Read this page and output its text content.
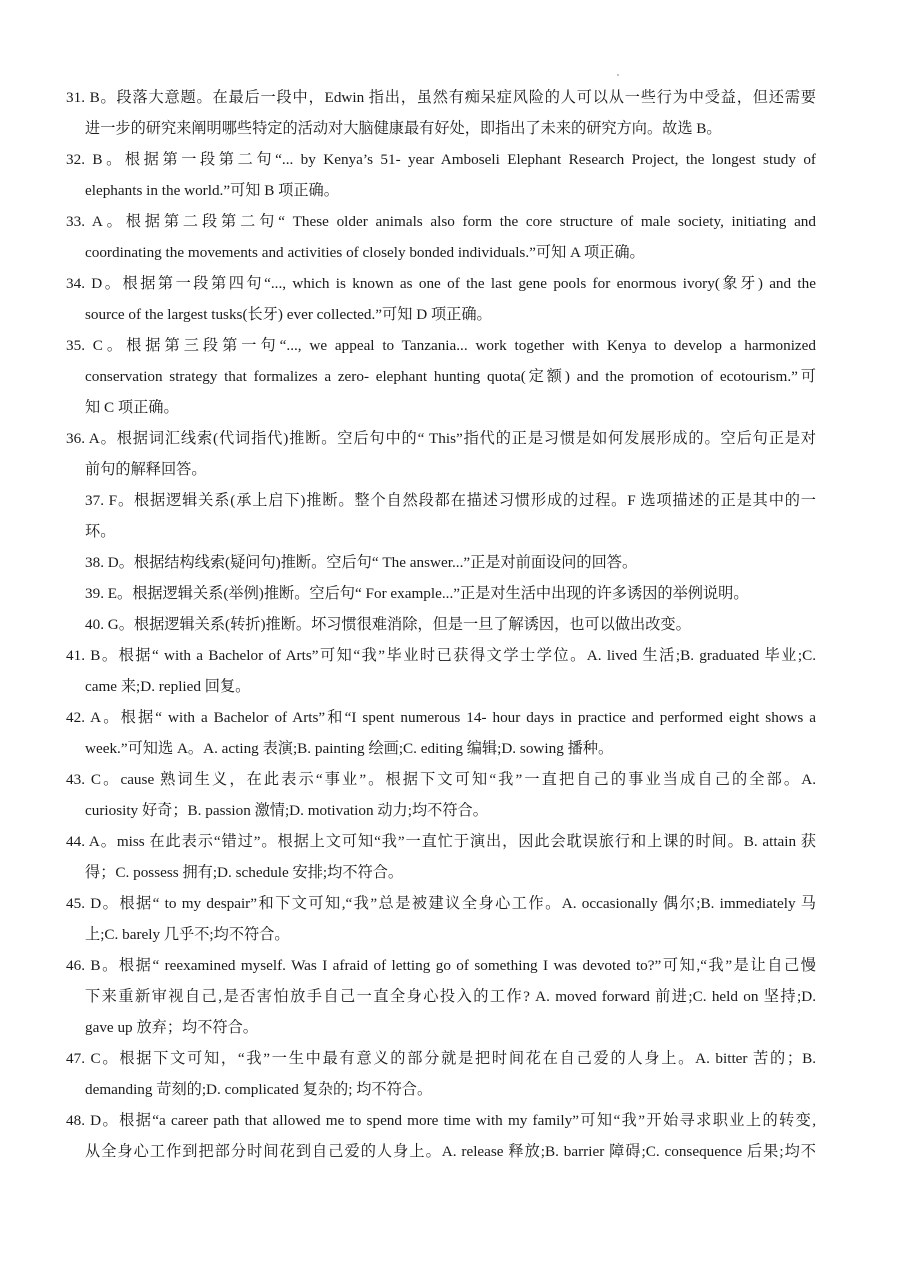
31. B。段落大意题。在最后一段中，Edwin 指出，虽然有痴呆症风险的人可以从一些行为中受益，但还需要
进一步的研究来阐明哪些特定的活动对大脑健康最有好处，即指出了未来的研究方向。故选 B。
32. B。根据第一段第二句“... by Kenya’s 51- year Amboseli Elephant Research Project, the longest study of
elephants in the world.”可知 B 项正确。
33. A。根据第二段第二句“ These older animals also form the core structure of male society, initiating and
coordinating the movements and activities of closely bonded individuals.”可知 A 项正确。
34. D。根据第一段第四句“..., which is known as one of the last gene pools for enormous ivory(象牙) and the
source of the largest tusks(长牙) ever collected.”可知 D 项正确。
35. C。根据第三段第一句“..., we appeal to Tanzania... work together with Kenya to develop a harmonized
conservation strategy that formalizes a zero- elephant hunting quota(定额) and the promotion of ecotourism.”可
知 C 项正确。
36. A。根据词汇线索(代词指代)推断。空后句中的“ This”指代的正是习惯是如何发展形成的。空后句正是对
前句的解释回答。
37. F。根据逻辑关系(承上启下)推断。整个自然段都在描述习惯形成的过程。F 选项描述的正是其中的一
环。
38. D。根据结构线索(疑问句)推断。空后句“ The answer...”正是对前面设问的回答。
39. E。根据逻辑关系(举例)推断。空后句“ For example...”正是对生活中出现的许多诱因的举例说明。
40. G。根据逻辑关系(转折)推断。坏习惯很难消除，但是一旦了解诱因，也可以做出改变。
41. B。根据“ with a Bachelor of Arts”可知“我”毕业时已获得文学士学位。A. lived 生活;B. graduated 毕业;C.
came 来;D. replied 回复。
42. A。根据“ with a Bachelor of Arts”和“I spent numerous 14- hour days in practice and performed eight shows a
week.”可知选 A。A. acting 表演;B. painting 绘画;C. editing 编辑;D. sowing 播种。
43. C。cause 熟词生义，在此表示“事业”。根据下文可知“我”一直把自己的事业当成自己的全部。A.
curiosity 好奇；B. passion 激情;D. motivation 动力;均不符合。
44. A。miss 在此表示“错过”。根据上文可知“我”一直忙于演出，因此会耽误旅行和上课的时间。B. attain 获
得；C. possess 拥有;D. schedule 安排;均不符合。
45. D。根据“ to my despair”和下文可知,“我”总是被建议全身心工作。A. occasionally 偶尔;B. immediately 马
上;C. barely 几乎不;均不符合。
46. B。根据“ reexamined myself. Was I afraid of letting go of something I was devoted to?”可知,“我”是让自己慢
下来重新审视自己,是否害怕放手自己一直全身心投入的工作? A. moved forward 前进;C. held on 坚持;D.
gave up 放弃；均不符合。
47. C。根据下文可知，“我”一生中最有意义的部分就是把时间花在自己爱的人身上。A. bitter 苦的；B.
demanding 苛刻的;D. complicated 复杂的; 均不符合。
48. D。根据“a career path that allowed me to spend more time with my family”可知“我”开始寻求职业上的转变,
从全身心工作到把部分时间花到自己爱的人身上。A. release 释放;B. barrier 障碍;C. consequence 后果;均不
